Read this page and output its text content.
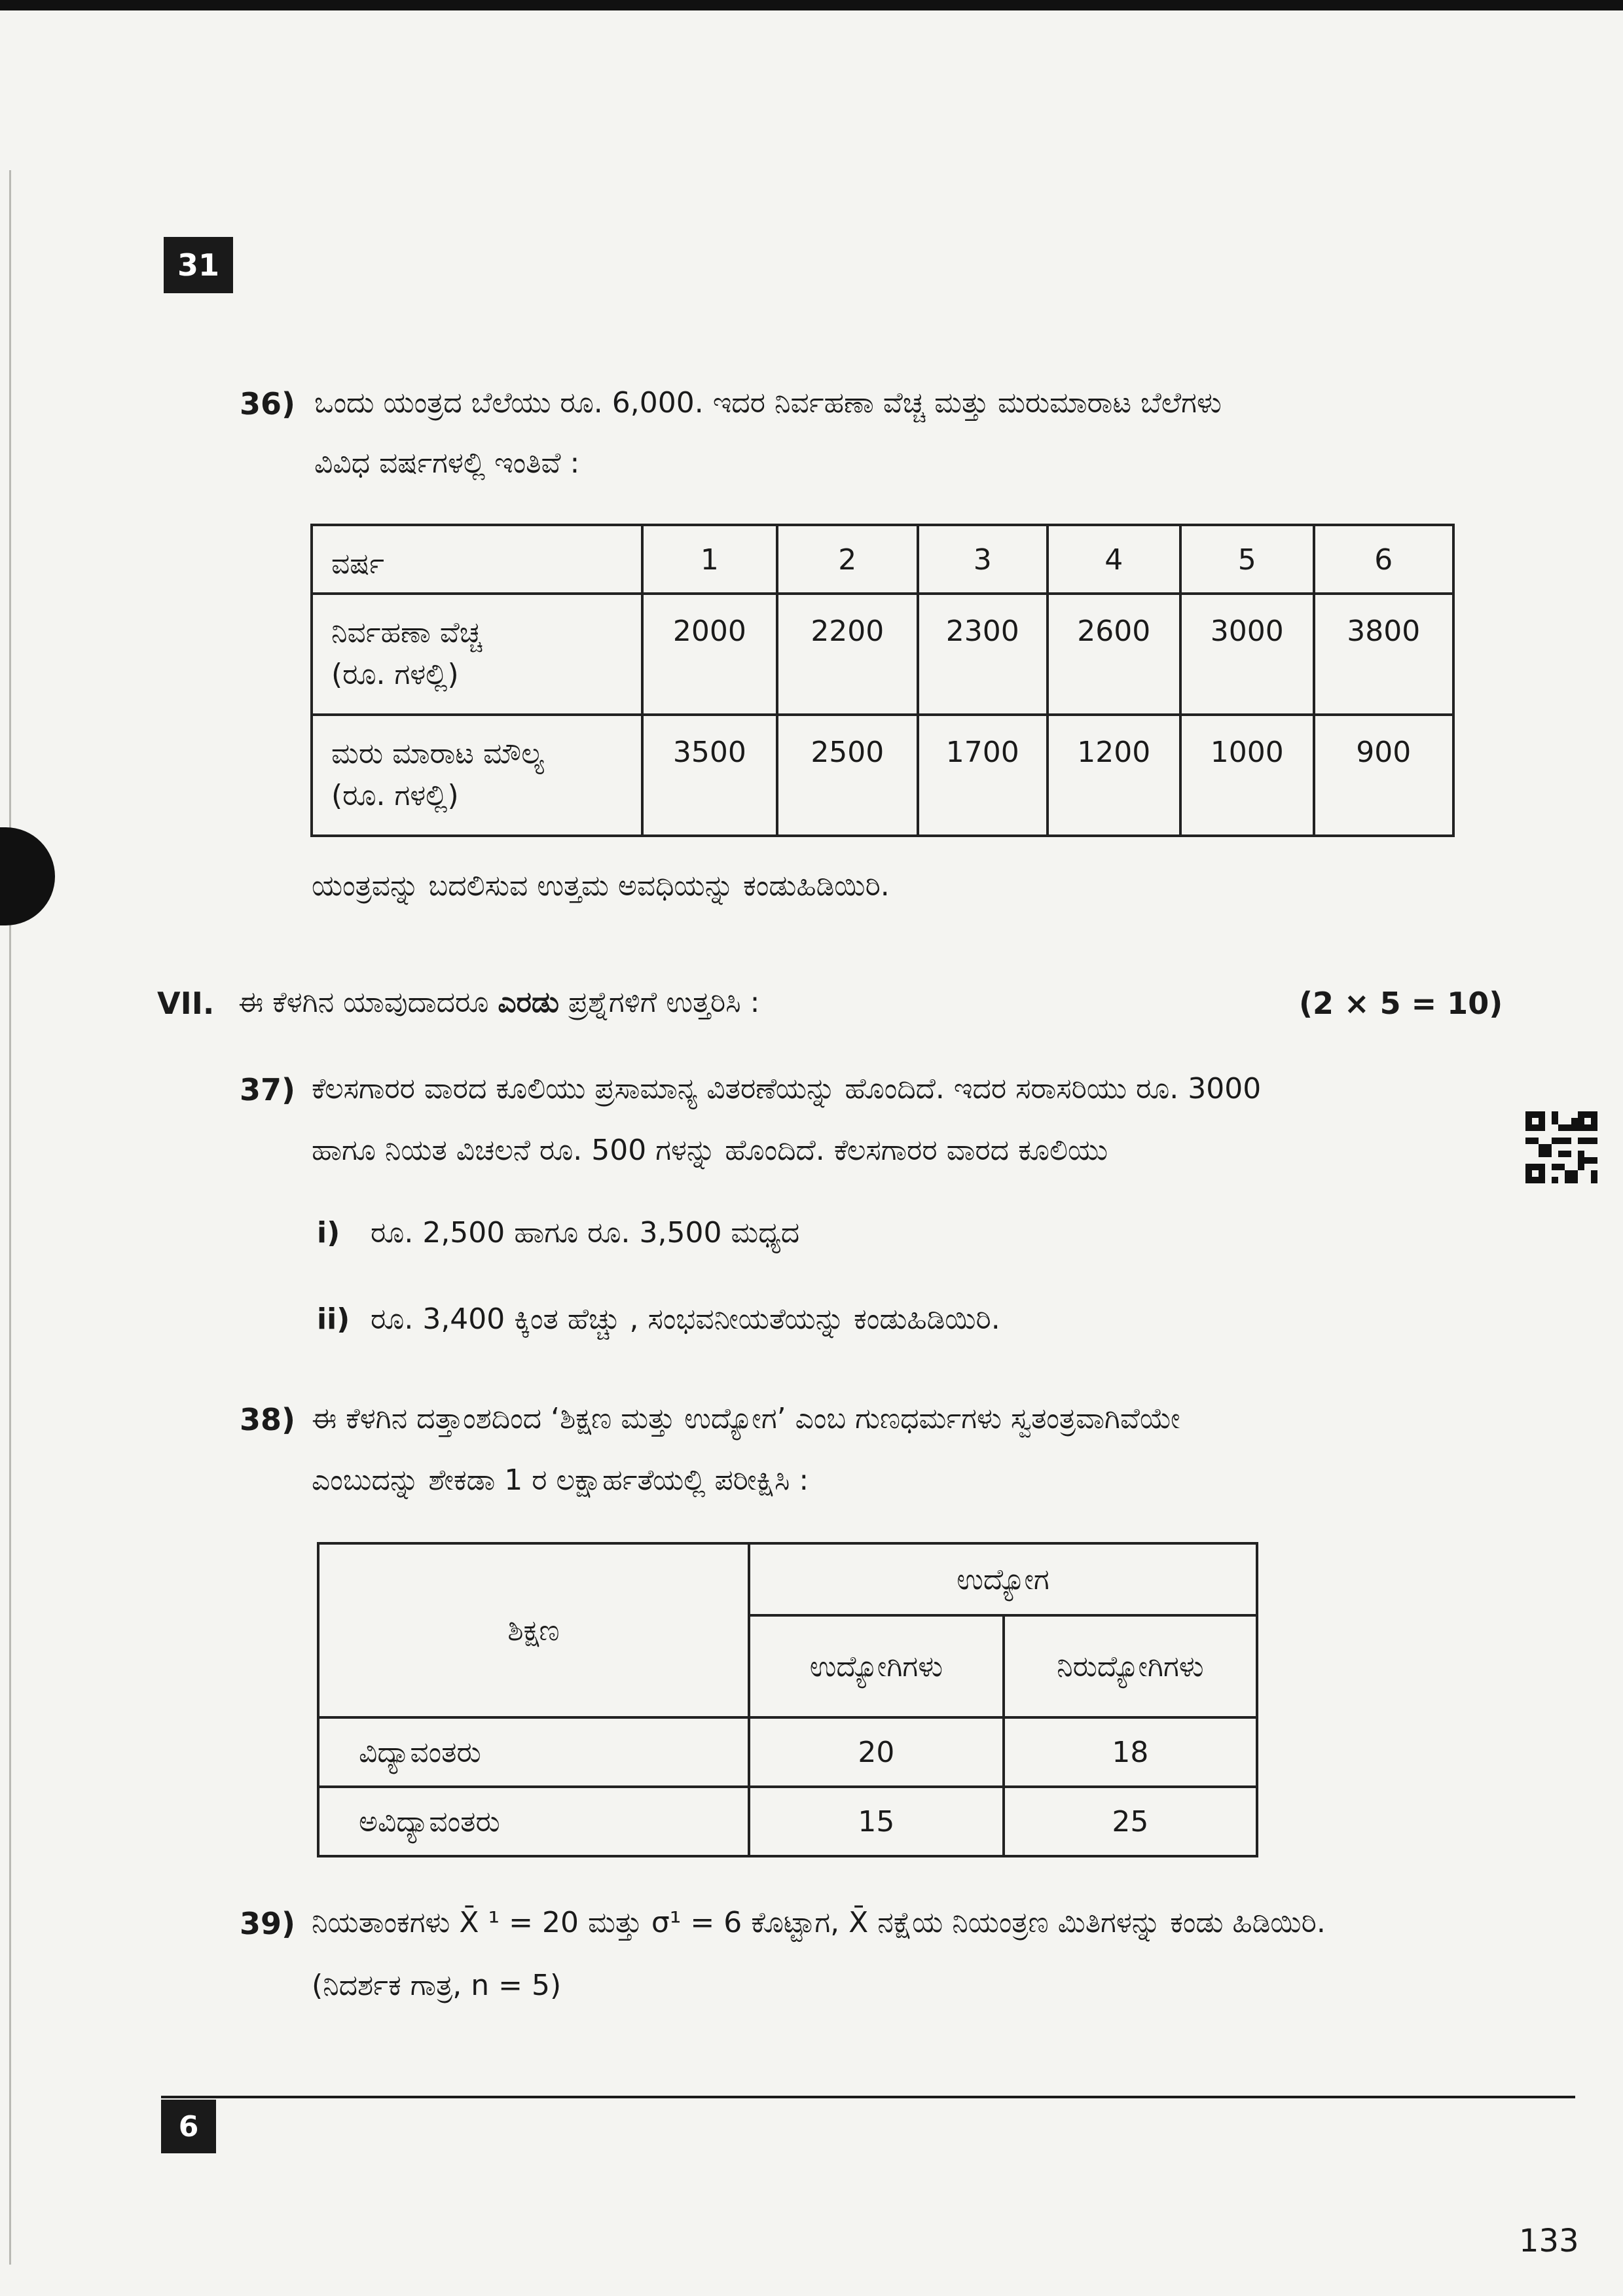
31
36) ಒಂದು ಯಂತ್ರದ ಬೆಲೆಯು ರೂ. 6,000. ಇದರ ನಿರ್ವಹಣಾ ವೆಚ್ಚ ಮತ್ತು ಮರುಮಾರಾಟ ಬೆಲೆಗಳು
ವಿವಿಧ ವರ್ಷಗಳಲ್ಲಿ ಇಂತಿವೆ :
ವರ್ಷ	1	2	3	4	5	6

ನಿರ್ವಹಣಾ ವೆಚ್ಚ
(ರೂ. ಗಳಲ್ಲಿ)	2000	2200	2300	2600	3000	3800

ಮರು ಮಾರಾಟ ಮೌಲ್ಯ
(ರೂ. ಗಳಲ್ಲಿ)	3500	2500	1700	1200	1000	900
ಯಂತ್ರವನ್ನು ಬದಲಿಸುವ ಉತ್ತಮ ಅವಧಿಯನ್ನು ಕಂಡುಹಿಡಿಯಿರಿ.
VII. ಈ ಕೆಳಗಿನ ಯಾವುದಾದರೂ ಎರಡು ಪ್ರಶ್ನೆಗಳಿಗೆ ಉತ್ತರಿಸಿ :	(2 × 5 = 10)
37) ಕೆಲಸಗಾರರ ವಾರದ ಕೂಲಿಯು ಪ್ರಸಾಮಾನ್ಯ ವಿತರಣೆಯನ್ನು ಹೊಂದಿದೆ. ಇದರ ಸರಾಸರಿಯು ರೂ. 3000
ಹಾಗೂ ನಿಯತ ವಿಚಲನೆ ರೂ. 500 ಗಳನ್ನು ಹೊಂದಿದೆ. ಕೆಲಸಗಾರರ ವಾರದ ಕೂಲಿಯು
i) ರೂ. 2,500 ಹಾಗೂ ರೂ. 3,500 ಮಧ್ಯದ
ii) ರೂ. 3,400 ಕ್ಕಿಂತ ಹೆಚ್ಚು , ಸಂಭವನೀಯತೆಯನ್ನು ಕಂಡುಹಿಡಿಯಿರಿ.
38) ಈ ಕೆಳಗಿನ ದತ್ತಾಂಶದಿಂದ ‘ಶಿಕ್ಷಣ ಮತ್ತು ಉದ್ಯೋಗ’ ಎಂಬ ಗುಣಧರ್ಮಗಳು ಸ್ವತಂತ್ರವಾಗಿವೆಯೇ
ಎಂಬುದನ್ನು ಶೇಕಡಾ 1 ರ ಲಕ್ಷಾರ್ಹತೆಯಲ್ಲಿ ಪರೀಕ್ಷಿಸಿ :
ಶಿಕ್ಷಣ	ಉದ್ಯೋಗ	
	ಉದ್ಯೋಗಿಗಳು	ನಿರುದ್ಯೋಗಿಗಳು
ವಿದ್ಯಾವಂತರು	20	18
ಅವಿದ್ಯಾವಂತರು	15	25
39) ನಿಯತಾಂಕಗಳು X̄ ¹ = 20 ಮತ್ತು σ¹ = 6 ಕೊಟ್ಟಾಗ, X̄ ನಕ್ಷೆಯ ನಿಯಂತ್ರಣ ಮಿತಿಗಳನ್ನು ಕಂಡು ಹಿಡಿಯಿರಿ.
(ನಿದರ್ಶಕ ಗಾತ್ರ, n = 5)
6
133
